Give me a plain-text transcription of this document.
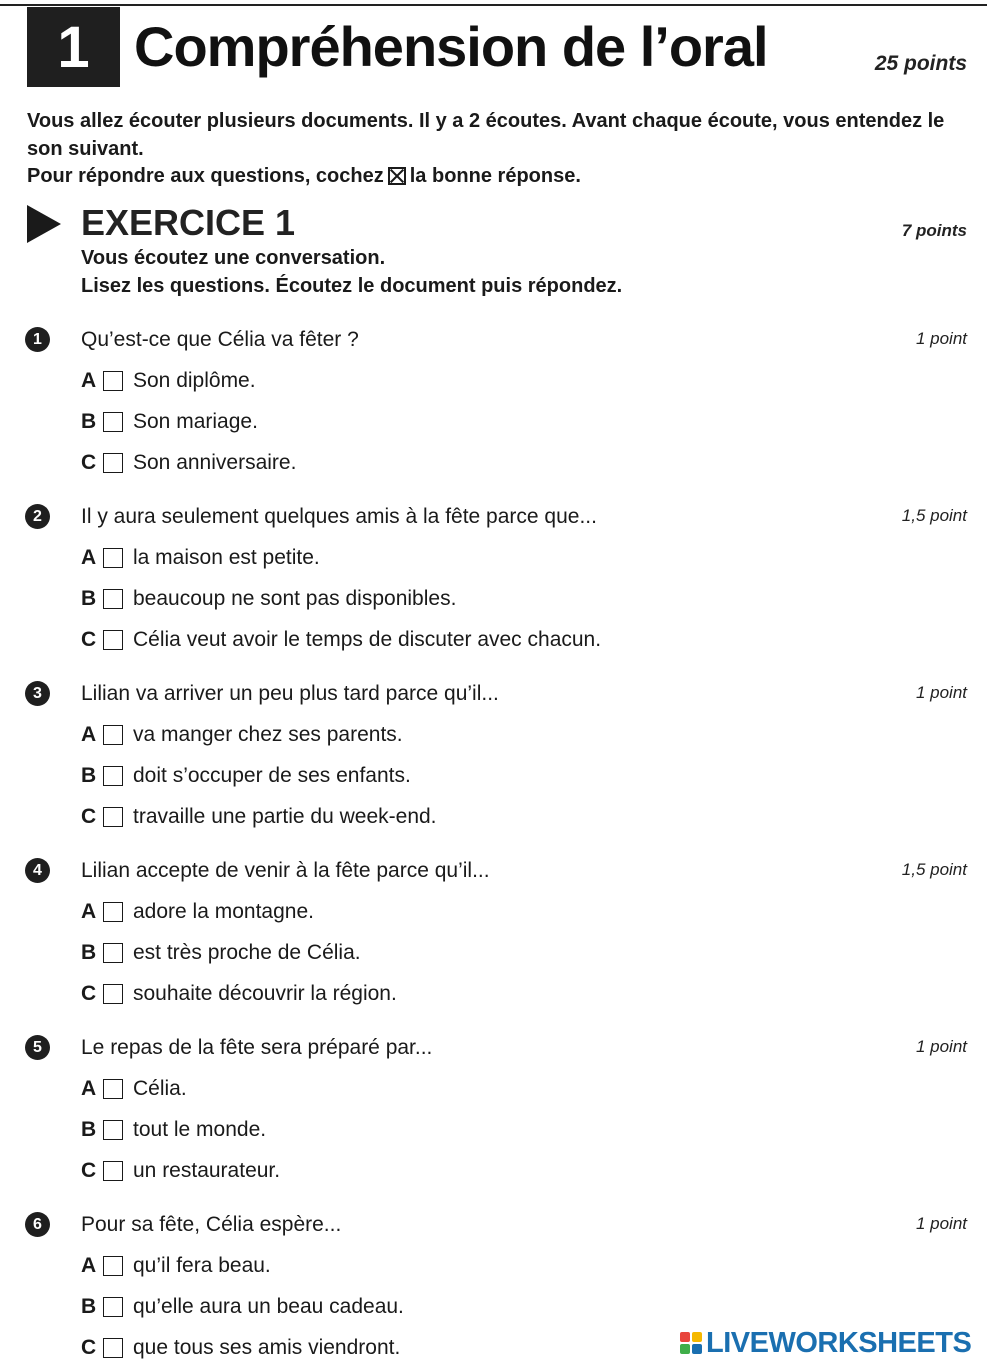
1 Compréhension de l’oral	25 points

Vous allez écouter plusieurs documents. Il y a 2 écoutes. Avant chaque écoute, vous entendez le son suivant.

Pour répondre aux questions, cochez la bonne réponse.

EXERCICE 1	7 points

Vous écoutez une conversation.

Lisez les questions. Écoutez le document puis répondez.

1	Qu’est-ce que Célia va fêter ?	1 point
A	Son diplôme.
B	Son mariage.
C	Son anniversaire.
2	Il y aura seulement quelques amis à la fête parce que...	1,5 point
A	la maison est petite.
B	beaucoup ne sont pas disponibles.
C	Célia veut avoir le temps de discuter avec chacun.
3	Lilian va arriver un peu plus tard parce qu’il...	1 point
A	va manger chez ses parents.
B	doit s’occuper de ses enfants.
C	travaille une partie du week-end.
4	Lilian accepte de venir à la fête parce qu’il...	1,5 point
A	adore la montagne.
B	est très proche de Célia.
C	souhaite découvrir la région.
5	Le repas de la fête sera préparé par...	1 point
A	Célia.
B	tout le monde.
C	un restaurateur.
6	Pour sa fête, Célia espère...	1 point
A	qu’il fera beau.
B	qu’elle aura un beau cadeau.
C	que tous ses amis viendront.	LIVEWORKSHEETS
